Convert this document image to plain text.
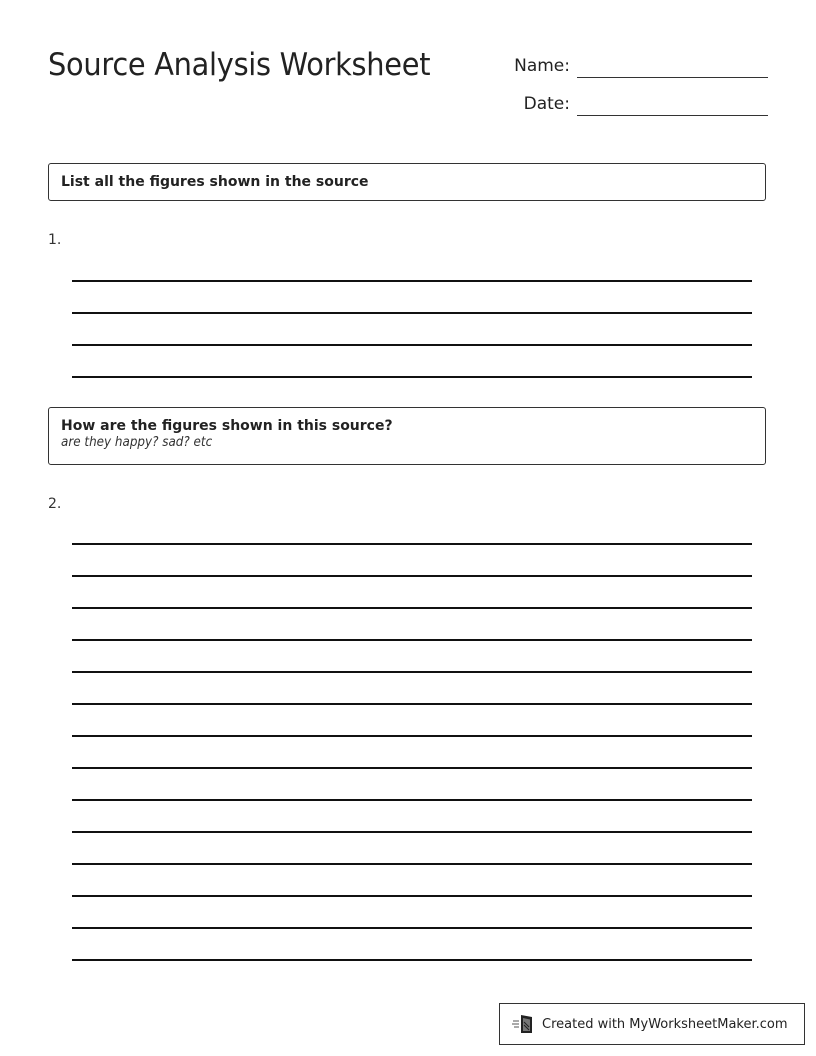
Source Analysis Worksheet	Name:
Date:
List all the figures shown in the source
1.
How are the figures shown in this source?
are they happy? sad? etc
2.
Created with MyWorksheetMaker.com
